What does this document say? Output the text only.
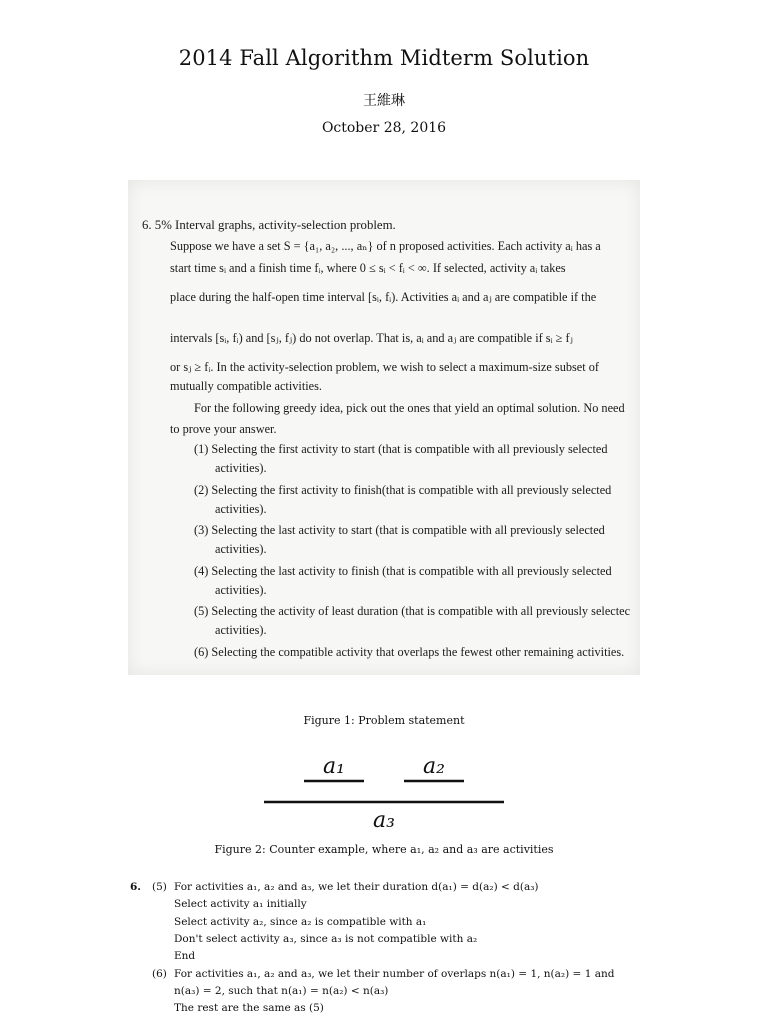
2014 Fall Algorithm Midterm Solution
王維琳
October 28, 2016
6. 5% Interval graphs, activity-selection problem.
Suppose we have a set S = {a₁, a₂, ..., aₙ} of n proposed activities. Each activity aᵢ has a
start time sᵢ and a finish time fᵢ, where 0 ≤ sᵢ < fᵢ < ∞. If selected, activity aᵢ takes
place during the half-open time interval [sᵢ, fᵢ). Activities aᵢ and aⱼ are compatible if the
intervals [sᵢ, fᵢ) and [sⱼ, fⱼ) do not overlap. That is, aᵢ and aⱼ are compatible if sᵢ ≥ fⱼ
or sⱼ ≥ fᵢ. In the activity-selection problem, we wish to select a maximum-size subset of
mutually compatible activities.
For the following greedy idea, pick out the ones that yield an optimal solution. No need
to prove your answer.
(1) Selecting the first activity to start (that is compatible with all previously selected
activities).
(2) Selecting the first activity to finish(that is compatible with all previously selected
activities).
(3) Selecting the last activity to start (that is compatible with all previously selected
activities).
(4) Selecting the last activity to finish (that is compatible with all previously selected
activities).
(5) Selecting the activity of least duration (that is compatible with all previously selectec
activities).
(6) Selecting the compatible activity that overlaps the fewest other remaining activities.
Figure 1: Problem statement
a₁	a₂
a₃
Figure 2: Counter example, where a₁, a₂ and a₃ are activities
6. (5) For activities a₁, a₂ and a₃, we let their duration d(a₁) = d(a₂) < d(a₃)
Select activity a₁ initially
Select activity a₂, since a₂ is compatible with a₁
Don't select activity a₃, since a₃ is not compatible with a₂
End
(6) For activities a₁, a₂ and a₃, we let their number of overlaps n(a₁) = 1, n(a₂) = 1 and
n(a₃) = 2, such that n(a₁) = n(a₂) < n(a₃)
The rest are the same as (5)
